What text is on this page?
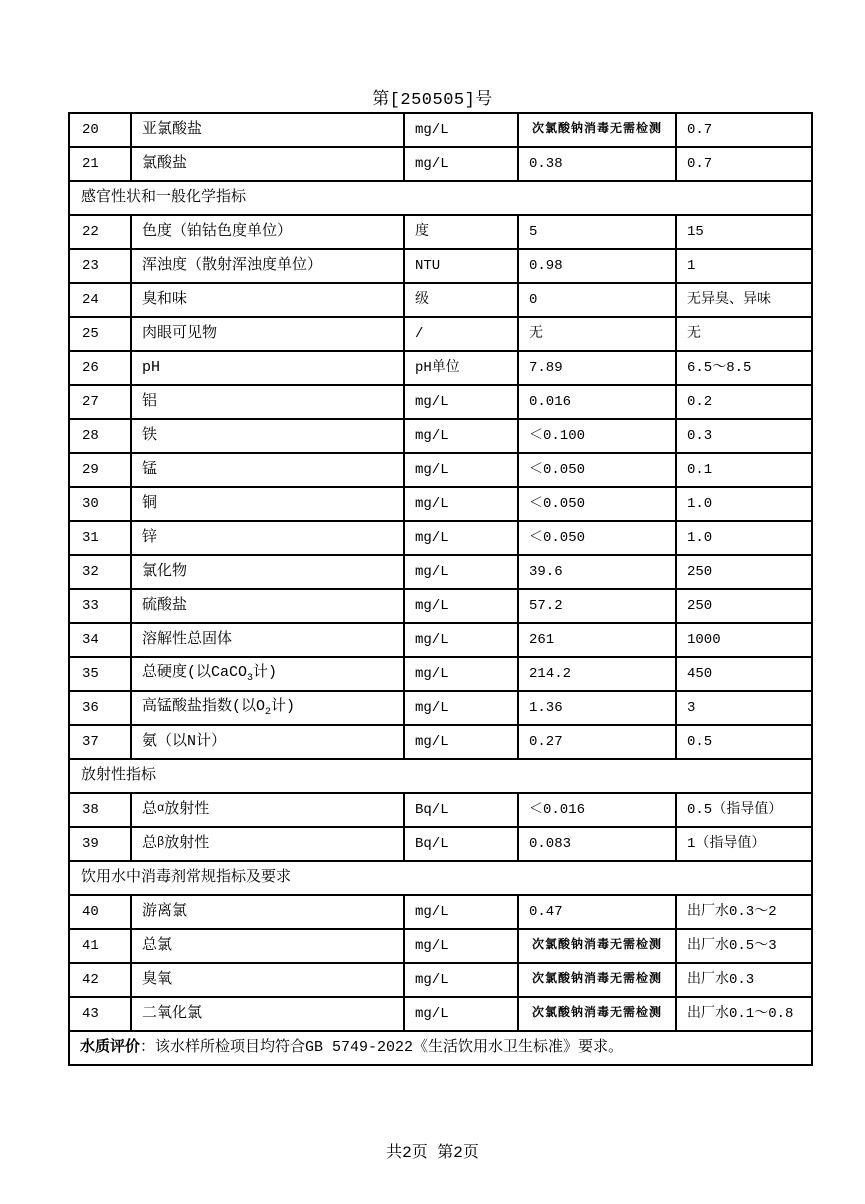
第[250505]号
20	亚氯酸盐	mg/L	次氯酸钠消毒无需检测	0.7
21	氯酸盐	mg/L	0.38	0.7
感官性状和一般化学指标				
22	色度（铂钴色度单位）	度	5	15
23	浑浊度（散射浑浊度单位）	NTU	0.98	1
24	臭和味	级	0	无异臭、异味
25	肉眼可见物	/	无	无
26	pH	pH单位	7.89	6.5～8.5
27	铝	mg/L	0.016	0.2
28	铁	mg/L	＜0.100	0.3
29	锰	mg/L	＜0.050	0.1
30	铜	mg/L	＜0.050	1.0
31	锌	mg/L	＜0.050	1.0
32	氯化物	mg/L	39.6	250
33	硫酸盐	mg/L	57.2	250
34	溶解性总固体	mg/L	261	1000
35	总硬度(以CaCO$_3$计)	mg/L	214.2	450
36	高锰酸盐指数(以$O_2$计)	mg/L	1.36	3
37	氨（以N计）	mg/L	0.27	0.5
放射性指标				
38	总α放射性	Bq/L	＜0.016	0.5（指导值）
39	总β放射性	Bq/L	0.083	1（指导值）
饮用水中消毒剂常规指标及要求				
40	游离氯	mg/L	0.47	出厂水0.3～2
41	总氯	mg/L	次氯酸钠消毒无需检测	出厂水0.5～3
42	臭氧	mg/L	次氯酸钠消毒无需检测	出厂水0.3
43	二氧化氯	mg/L	次氯酸钠消毒无需检测	出厂水0.1～0.8
水质评价：该水样所检项目均符合GB 5749-2022《生活饮用水卫生标准》要求。				
共2页 第2页
